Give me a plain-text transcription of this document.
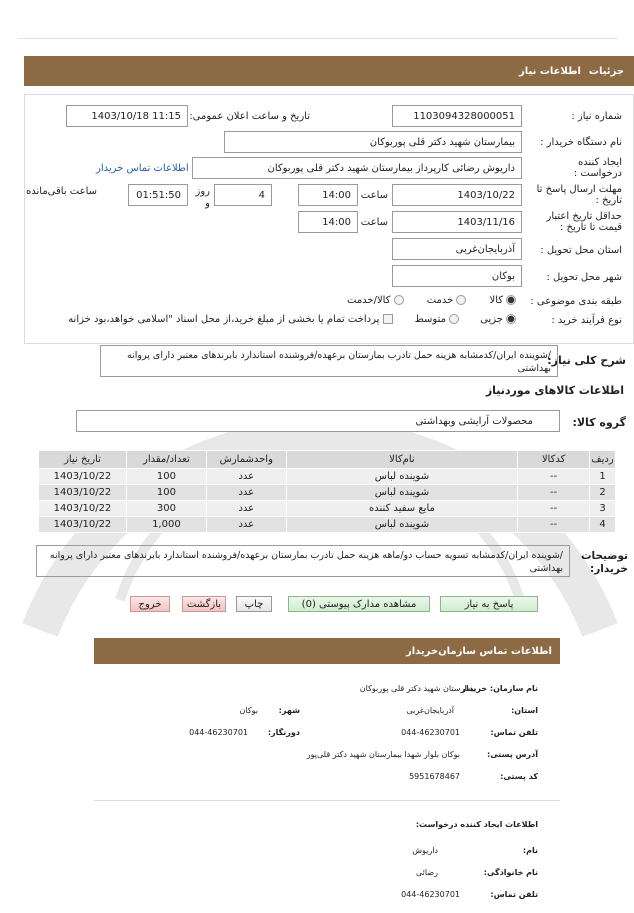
جزئیات
اطلاعات نیاز
شماره نیاز :
1103094328000051
تاریخ و ساعت اعلان عمومی:
1403/10/18 11:15
نام دستگاه خریدار :
بیمارستان شهید دکتر قلی پوربوکان
ایجاد کننده درخواست :
داریوش رضائی کارپرداز بیمارستان شهید دکتر قلی پوربوکان
اطلاعات تماس خریدار
مهلت ارسال پاسخ تا تاریخ :
1403/10/22
ساعت
14:00
4
روز و
01:51:50
ساعت باقی‌مانده
حداقل تاریخ اعتبار قیمت تا تاریخ :
1403/11/16
ساعت
14:00
استان محل تحویل :
آذربایجان‌غربی
شهر محل تحویل :
بوکان
طبقه بندی موضوعی :
کالا خدمت کالا/خدمت
نوع فرآیند خرید :
جزیی متوسط پرداخت تمام یا بخشی از مبلغ خرید،از محل اسناد "اسلامی خواهد،بود خزانه
شرح کلی نیاز:
/شوینده ایران/کدمشابه هزینه حمل تادرب بمارستان برعهده/فروشنده استاندارد بابرندهای معتبر دارای پروانه بهداشتی
اطلاعات کالاهای موردنیاز
گروه کالا:
محصولات آرایشی وبهداشتی
ردیف	کدکالا	نام‌کالا	واحدشمارش	تعداد/مقدار	تاریخ نیاز
1	--	شوینده لباس	عدد	100	1403/10/22
2	--	شوینده لباس	عدد	100	1403/10/22
3	--	مایع سفید کننده	عدد	300	1403/10/22
4	--	شوینده لباس	عدد	1,000	1403/10/22
توضیحات خریدار:
/شوینده ایران/کدمشابه تسویه حساب دو/ماهه هزینه حمل تادرب بمارستان برعهده/فروشنده استاندارد بابرندهای معتبر دارای پروانه بهداشتی
پاسخ به نیاز
مشاهده مدارک پیوستی (0)
چاپ
بازگشت
خروج
اطلاعات تماس سازمان‌خریدار
نام سازمان: خریدار
بیمارستان شهید دکتر قلی پوربوکان
استان:
آذربایجان‌غربی
شهر:
بوکان
تلفن تماس:
044-46230701
دورنگار:
044-46230701
آدرس پستی:
بوکان بلوار شهدا بیمارستان شهید دکتر قلی‌پور
کد پستی:
5951678467
اطلاعات ایجاد کننده درخواست:
نام:
داریوش
نام خانوادگی:
رضائی
تلفن تماس:
044-46230701
